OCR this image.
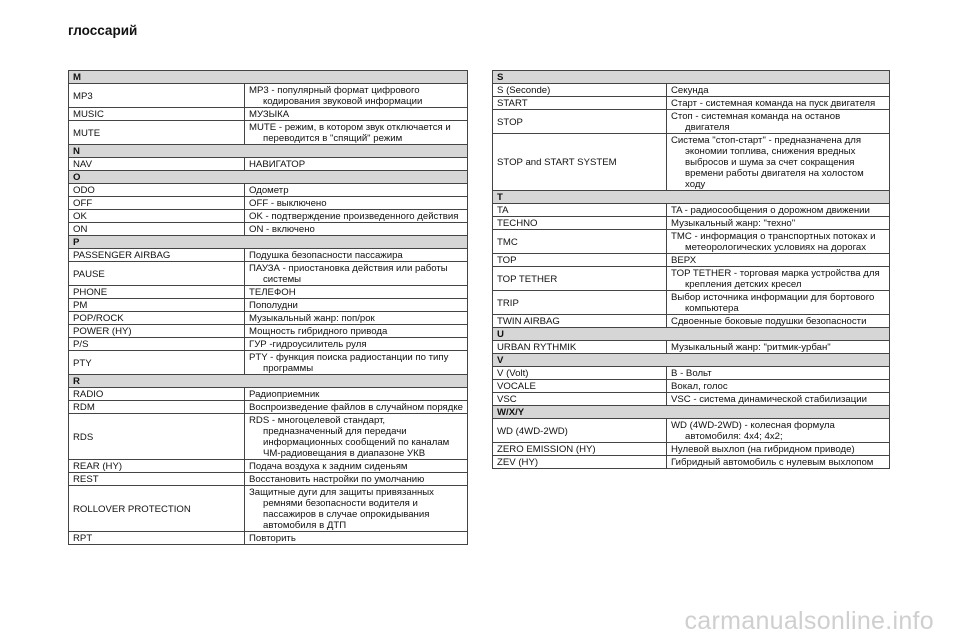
глоссарий
M	
MP3	MP3 - популярный формат цифрового кодирования звуковой информации

MUSIC	МУЗЫКА

MUTE	MUTE - режим, в котором звук отключается и переводится в "спящий" режим

N	
NAV	НАВИГАТОР

O	
ODO	Одометр

OFF	OFF - выключено

OK	OK - подтверждение произведенного действия

ON	ON - включено

P	
PASSENGER AIRBAG	Подушка безопасности пассажира

PAUSE	ПАУЗА - приостановка действия или работы системы

PHONE	ТЕЛЕФОН

PM	Пополудни

POP/ROCK	Музыкальный жанр: поп/рок

POWER (HY)	Мощность гибридного привода

P/S	ГУР -гидроусилитель руля

PTY	PTY - функция поиска радиостанции по типу программы

R	
RADIO	Радиоприемник

RDM	Воспроизведение файлов в случайном порядке

RDS	RDS - многоцелевой стандарт, предназначенный для передачи информационных сообщений по каналам ЧМ-радиовещания в диапазоне УКВ

REAR (HY)	Подача воздуха к задним сиденьям

REST	Восстановить настройки по умолчанию

ROLLOVER PROTECTION	Защитные дуги для защиты привязанных ремнями безопасности водителя и пассажиров в случае опрокидывания автомобиля в ДТП

RPT	Повторить
S	
S (Seconde)	Секунда

START	Старт - системная команда на пуск двигателя

STOP	Стоп - системная команда на останов двигателя

STOP and START SYSTEM	Система "стоп-старт" - предназначена для экономии топлива, снижения вредных выбросов и шума за счет сокращения времени работы двигателя на холостом ходу

T	
TA	TA - радиосообщения о дорожном движении

TECHNO	Музыкальный жанр: "техно"

TMC	TMC - информация о транспортных потоках и метеорологических условиях на дорогах

TOP	ВЕРХ

TOP TETHER	TOP TETHER - торговая марка устройства для крепления детских кресел

TRIP	Выбор источника информации для бортового компьютера

TWIN AIRBAG	Сдвоенные боковые подушки безопасности

U	
URBAN RYTHMIK	Музыкальный жанр: "ритмик-урбан"

V	
V (Volt)	В - Вольт

VOCALE	Вокал, голос

VSC	VSC - система динамической стабилизации

W/X/Y	
WD (4WD-2WD)	WD (4WD-2WD) - колесная формула автомобиля: 4x4; 4x2;

ZERO EMISSION (HY)	Нулевой выхлоп (на гибридном приводе)

ZEV (HY)	Гибридный автомобиль с нулевым выхлопом
carmanualsonline.info
